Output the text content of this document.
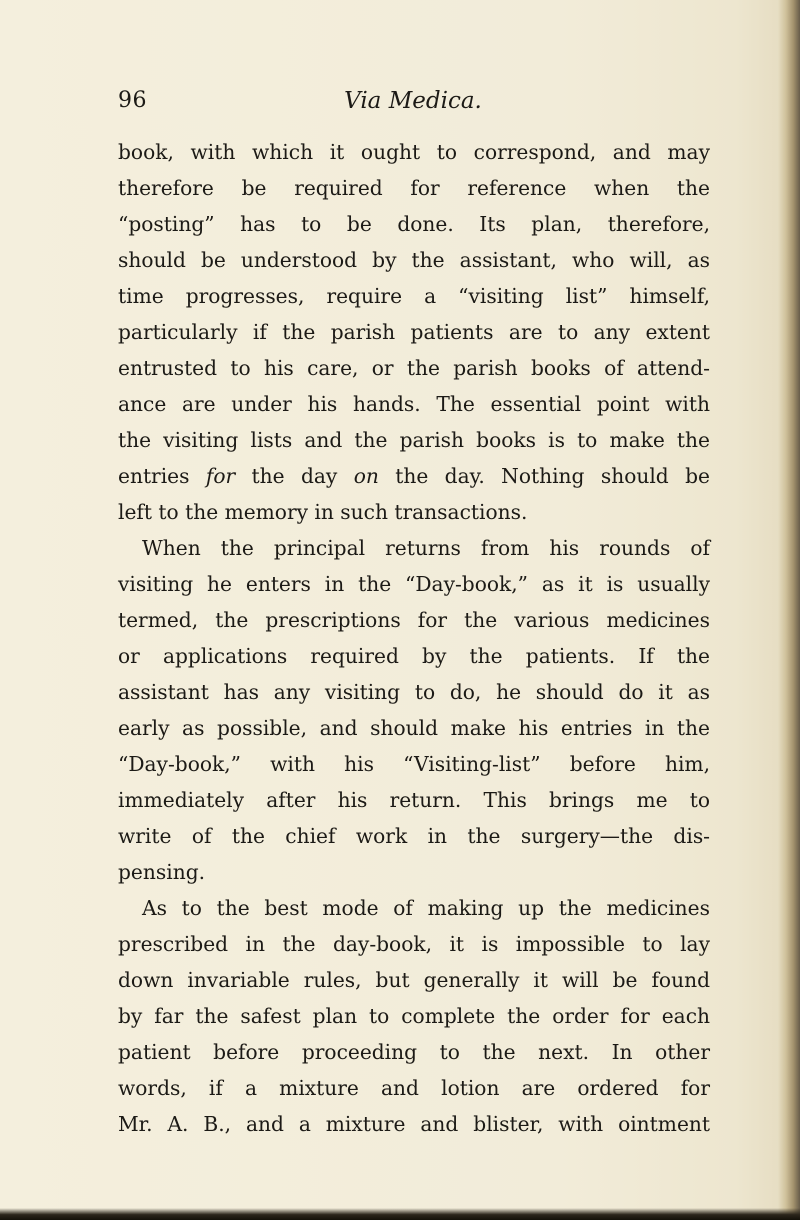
96	Via Medica.
book, with which it ought to correspond, and may
therefore be required for reference when the
“posting” has to be done. Its plan, therefore,
should be understood by the assistant, who will, as
time progresses, require a “visiting list” himself,
particularly if the parish patients are to any extent
entrusted to his care, or the parish books of attend-
ance are under his hands. The essential point with
the visiting lists and the parish books is to make the
entries for the day on the day. Nothing should be
left to the memory in such transactions.
When the principal returns from his rounds of
visiting he enters in the “Day-book,” as it is usually
termed, the prescriptions for the various medicines
or applications required by the patients. If the
assistant has any visiting to do, he should do it as
early as possible, and should make his entries in the
“Day-book,” with his “Visiting-list” before him,
immediately after his return. This brings me to
write of the chief work in the surgery—the dis-
pensing.
As to the best mode of making up the medicines
prescribed in the day-book, it is impossible to lay
down invariable rules, but generally it will be found
by far the safest plan to complete the order for each
patient before proceeding to the next. In other
words, if a mixture and lotion are ordered for
Mr. A. B., and a mixture and blister, with ointment
